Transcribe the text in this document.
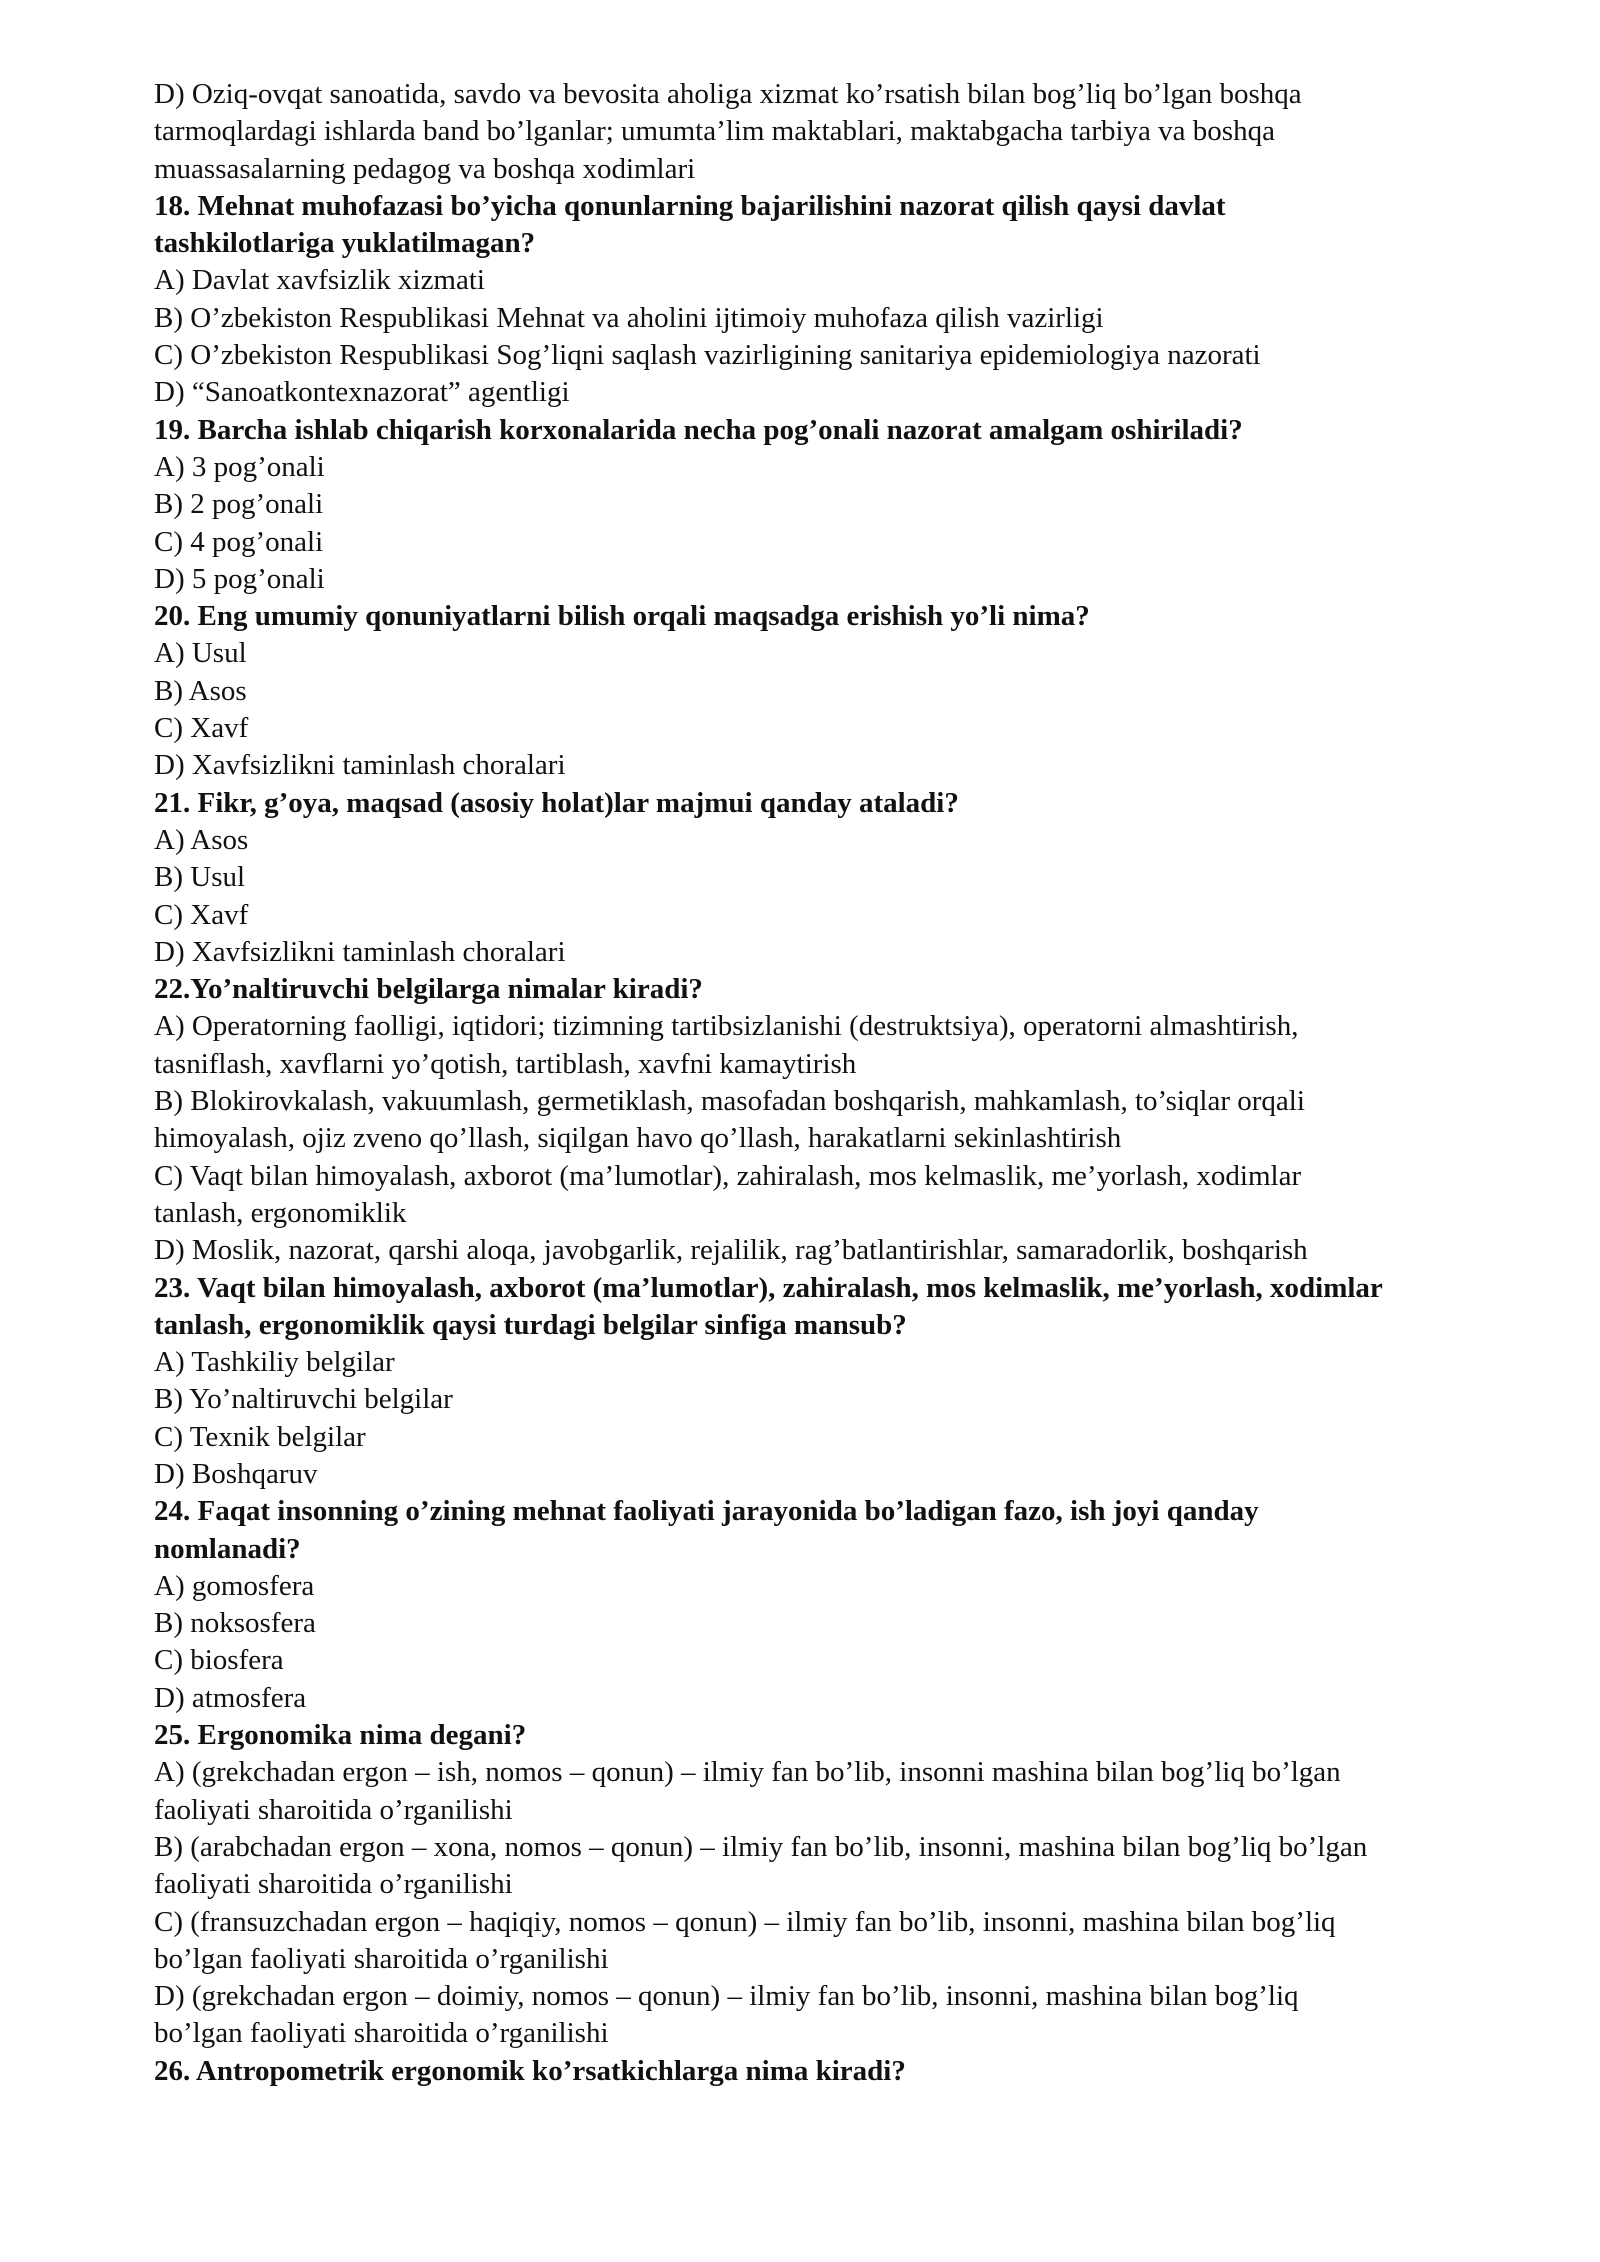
D) Oziq-ovqat sanoatida, savdo va bevosita aholiga xizmat ko’rsatish bilan bog’liq bo’lgan boshqa
tarmoqlardagi ishlarda band bo’lganlar; umumta’lim maktablari, maktabgacha tarbiya va boshqa
muassasalarning pedagog va boshqa xodimlari
18. Mehnat muhofazasi bo’yicha qonunlarning bajarilishini nazorat qilish qaysi davlat
tashkilotlariga yuklatilmagan?
A) Davlat xavfsizlik xizmati
B) O’zbekiston Respublikasi Mehnat va aholini ijtimoiy muhofaza qilish vazirligi
C) O’zbekiston Respublikasi Sog’liqni saqlash vazirligining sanitariya epidemiologiya nazorati
D) “Sanoatkontexnazorat” agentligi
19. Barcha ishlab chiqarish korxonalarida necha pog’onali nazorat amalgam oshiriladi?
A) 3 pog’onali
B) 2 pog’onali
C) 4 pog’onali
D) 5 pog’onali
20. Eng umumiy qonuniyatlarni bilish orqali maqsadga erishish yo’li nima?
A) Usul
B) Asos
C) Xavf
D) Xavfsizlikni taminlash choralari
21. Fikr, g’oya, maqsad (asosiy holat)lar majmui qanday ataladi?
A) Asos
B) Usul
C) Xavf
D) Xavfsizlikni taminlash choralari
22.Yo’naltiruvchi belgilarga nimalar kiradi?
A) Operatorning faolligi, iqtidori; tizimning tartibsizlanishi (destruktsiya), operatorni almashtirish,
tasniflash, xavflarni yo’qotish, tartiblash, xavfni kamaytirish
B) Blokirovkalash, vakuumlash, germetiklash, masofadan boshqarish, mahkamlash, to’siqlar orqali
himoyalash, ojiz zveno qo’llash, siqilgan havo qo’llash, harakatlarni sekinlashtirish
C) Vaqt bilan himoyalash, axborot (ma’lumotlar), zahiralash, mos kelmaslik, me’yorlash, xodimlar
tanlash, ergonomiklik
D) Moslik, nazorat, qarshi aloqa, javobgarlik, rejalilik, rag’batlantirishlar, samaradorlik, boshqarish
23. Vaqt bilan himoyalash, axborot (ma’lumotlar), zahiralash, mos kelmaslik, me’yorlash, xodimlar
tanlash, ergonomiklik qaysi turdagi belgilar sinfiga mansub?
A) Tashkiliy belgilar
B) Yo’naltiruvchi belgilar
C) Texnik belgilar
D) Boshqaruv
24. Faqat insonning o’zining mehnat faoliyati jarayonida bo’ladigan fazo, ish joyi qanday
nomlanadi?
A) gomosfera
B) noksosfera
C) biosfera
D) atmosfera
25. Ergonomika nima degani?
A) (grekchadan ergon – ish, nomos – qonun) – ilmiy fan bo’lib, insonni mashina bilan bog’liq bo’lgan
faoliyati sharoitida o’rganilishi
B) (arabchadan ergon – xona, nomos – qonun) – ilmiy fan bo’lib, insonni, mashina bilan bog’liq bo’lgan
faoliyati sharoitida o’rganilishi
C) (fransuzchadan ergon – haqiqiy, nomos – qonun) – ilmiy fan bo’lib, insonni, mashina bilan bog’liq
bo’lgan faoliyati sharoitida o’rganilishi
D) (grekchadan ergon – doimiy, nomos – qonun) – ilmiy fan bo’lib, insonni, mashina bilan bog’liq
bo’lgan faoliyati sharoitida o’rganilishi
26. Antropometrik ergonomik ko’rsatkichlarga nima kiradi?
